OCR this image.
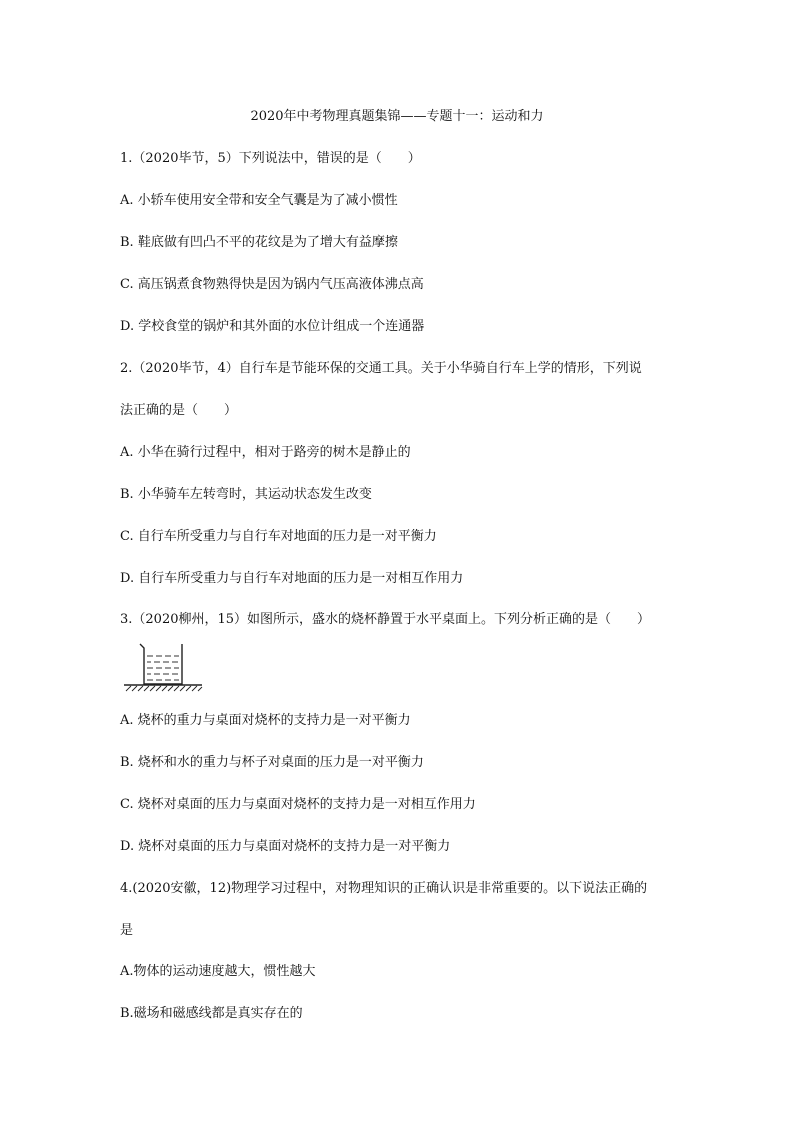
2020年中考物理真题集锦——专题十一：运动和力

1.（2020毕节，5）下列说法中，错误的是（　　）

A. 小轿车使用安全带和安全气囊是为了减小惯性

B. 鞋底做有凹凸不平的花纹是为了增大有益摩擦

C. 高压锅煮食物熟得快是因为锅内气压高液体沸点高

D. 学校食堂的锅炉和其外面的水位计组成一个连通器

2.（2020毕节，4）自行车是节能环保的交通工具。关于小华骑自行车上学的情形，下列说

法正确的是（　　）

A. 小华在骑行过程中，相对于路旁的树木是静止的

B. 小华骑车左转弯时，其运动状态发生改变

C. 自行车所受重力与自行车对地面的压力是一对平衡力

D. 自行车所受重力与自行车对地面的压力是一对相互作用力

3.（2020柳州，15）如图所示，盛水的烧杯静置于水平桌面上。下列分析正确的是（　　）

A. 烧杯的重力与桌面对烧杯的支持力是一对平衡力

B. 烧杯和水的重力与杯子对桌面的压力是一对平衡力

C. 烧杯对桌面的压力与桌面对烧杯的支持力是一对相互作用力

D. 烧杯对桌面的压力与桌面对烧杯的支持力是一对平衡力

4.(2020安徽，12)物理学习过程中，对物理知识的正确认识是非常重要的。以下说法正确的

是

A.物体的运动速度越大，惯性越大

B.磁场和磁感线都是真实存在的
